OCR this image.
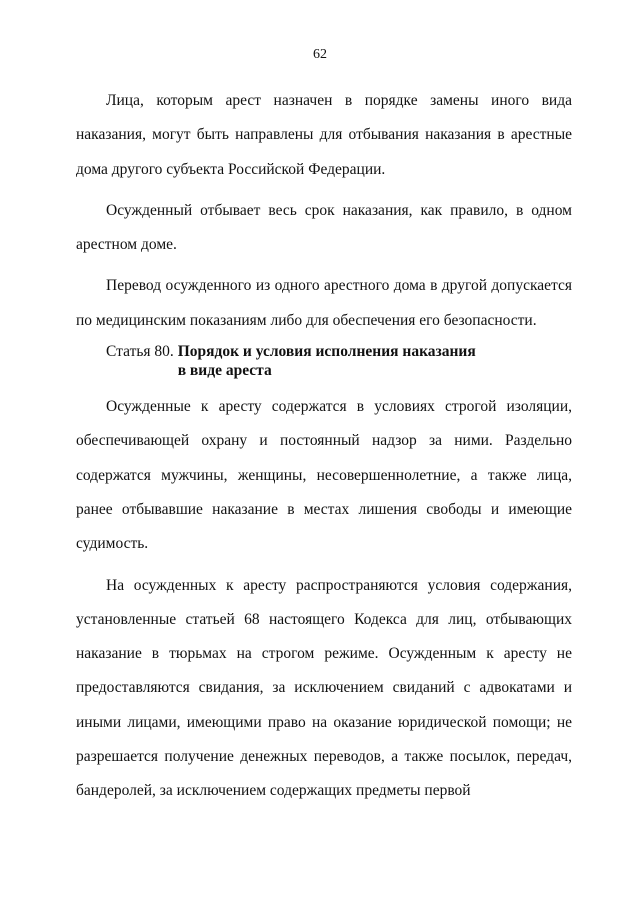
62

Лица, которым арест назначен в порядке замены иного вида наказания, могут быть направлены для отбывания наказания в арестные дома другого субъекта Российской Федерации.

Осужденный отбывает весь срок наказания, как правило, в одном арестном доме.

Перевод осужденного из одного арестного дома в другой допускается по медицинским показаниям либо для обеспечения его безопасности.

Статья 80. Порядок и условия исполнения наказания в виде ареста

Осужденные к аресту содержатся в условиях строгой изоляции, обеспечивающей охрану и постоянный надзор за ними. Раздельно содержатся мужчины, женщины, несовершеннолетние, а также лица, ранее отбывавшие наказание в местах лишения свободы и имеющие судимость.

На осужденных к аресту распространяются условия содержания, установленные статьей 68 настоящего Кодекса для лиц, отбывающих наказание в тюрьмах на строгом режиме. Осужденным к аресту не предоставляются свидания, за исключением свиданий с адвокатами и иными лицами, имеющими право на оказание юридической помощи; не разрешается получение денежных переводов, а также посылок, передач, бандеролей, за исключением содержащих предметы первой
